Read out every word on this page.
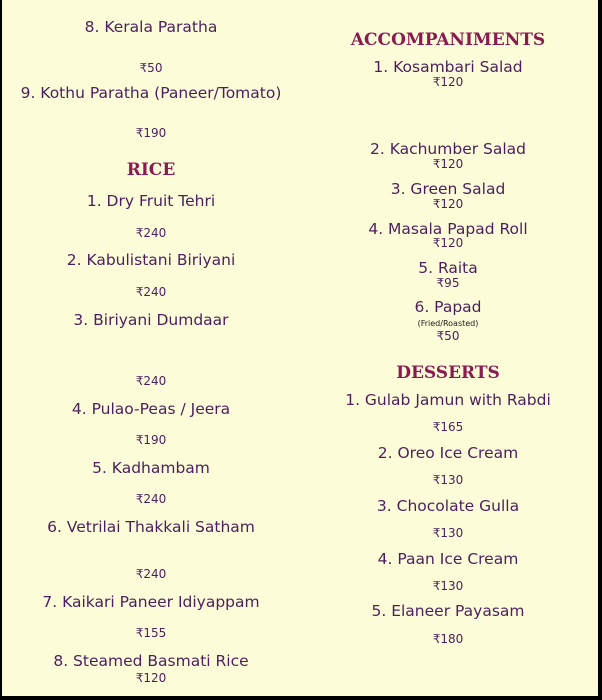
8. Kerala Paratha
₹50
9. Kothu Paratha (Paneer/Tomato)
₹190
RICE
1. Dry Fruit Tehri
₹240
2. Kabulistani Biriyani
₹240
3. Biriyani Dumdaar
₹240
4. Pulao-Peas / Jeera
₹190
5. Kadhambam
₹240
6. Vetrilai Thakkali Satham
₹240
7. Kaikari Paneer Idiyappam
₹155
8. Steamed Basmati Rice
₹120
ACCOMPANIMENTS
1. Kosambari Salad
₹120
2. Kachumber Salad
₹120
3. Green Salad
₹120
4. Masala Papad Roll
₹120
5. Raita
₹95
6. Papad
(Fried/Roasted)
₹50
DESSERTS
1. Gulab Jamun with Rabdi
₹165
2. Oreo Ice Cream
₹130
3. Chocolate Gulla
₹130
4. Paan Ice Cream
₹130
5. Elaneer Payasam
₹180
